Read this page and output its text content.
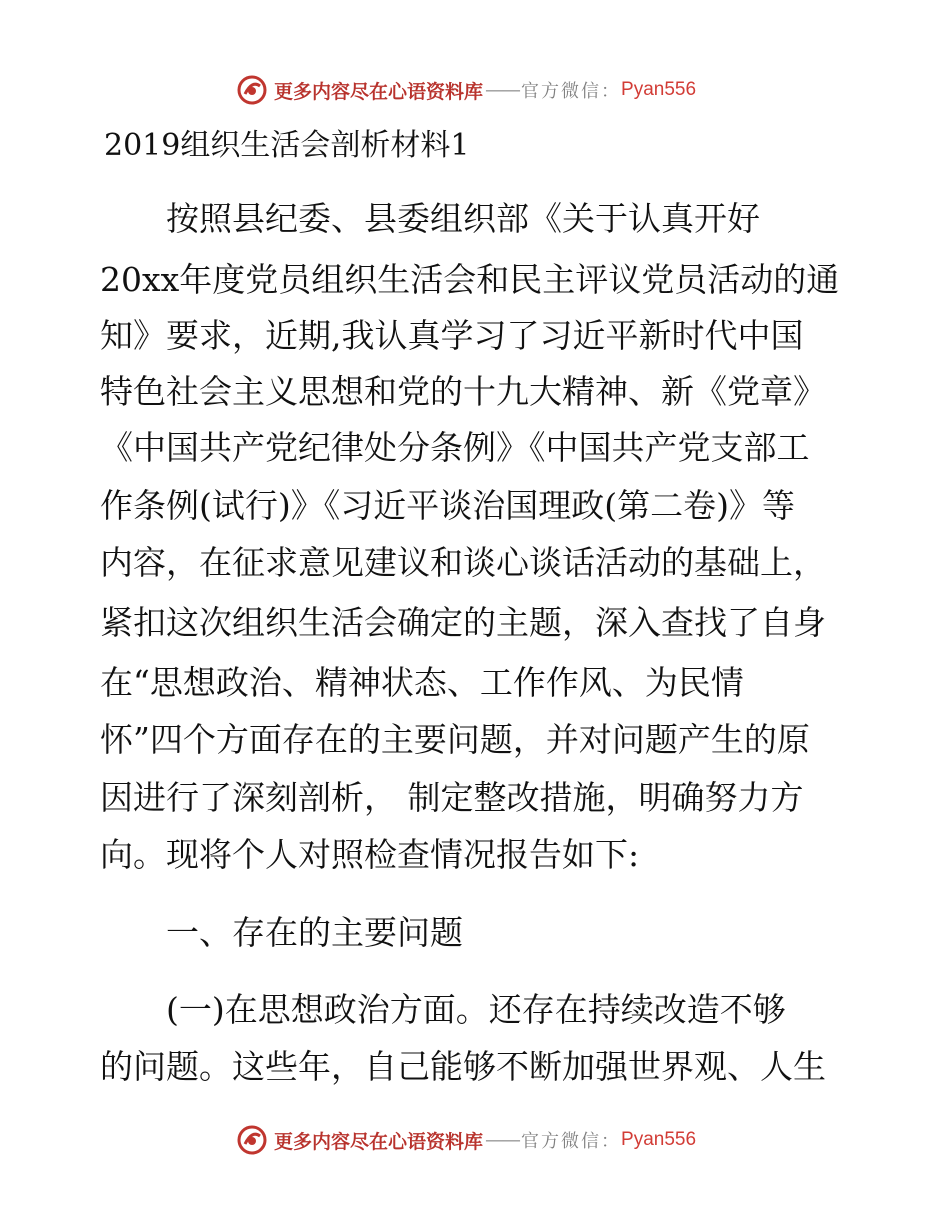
更多内容尽在心语资料库 —— 官方微信： Pyan556
2019组织生活会剖析材料1
　　按照县纪委、县委组织部《关于认真开好
20xx年度党员组织生活会和民主评议党员活动的通
知》要求，近期,我认真学习了习近平新时代中国
特色社会主义思想和党的十九大精神、新《党章》
《中国共产党纪律处分条例》《中国共产党支部工
作条例(试行)》《习近平谈治国理政(第二卷)》等
内容，在征求意见建议和谈心谈话活动的基础上，
紧扣这次组织生活会确定的主题，深入查找了自身
在“思想政治、精神状态、工作作风、为民情
怀”四个方面存在的主要问题，并对问题产生的原
因进行了深刻剖析， 制定整改措施，明确努力方
向。现将个人对照检查情况报告如下:
　　一、存在的主要问题
　　(一)在思想政治方面。还存在持续改造不够
的问题。这些年，自己能够不断加强世界观、人生
更多内容尽在心语资料库 —— 官方微信： Pyan556
